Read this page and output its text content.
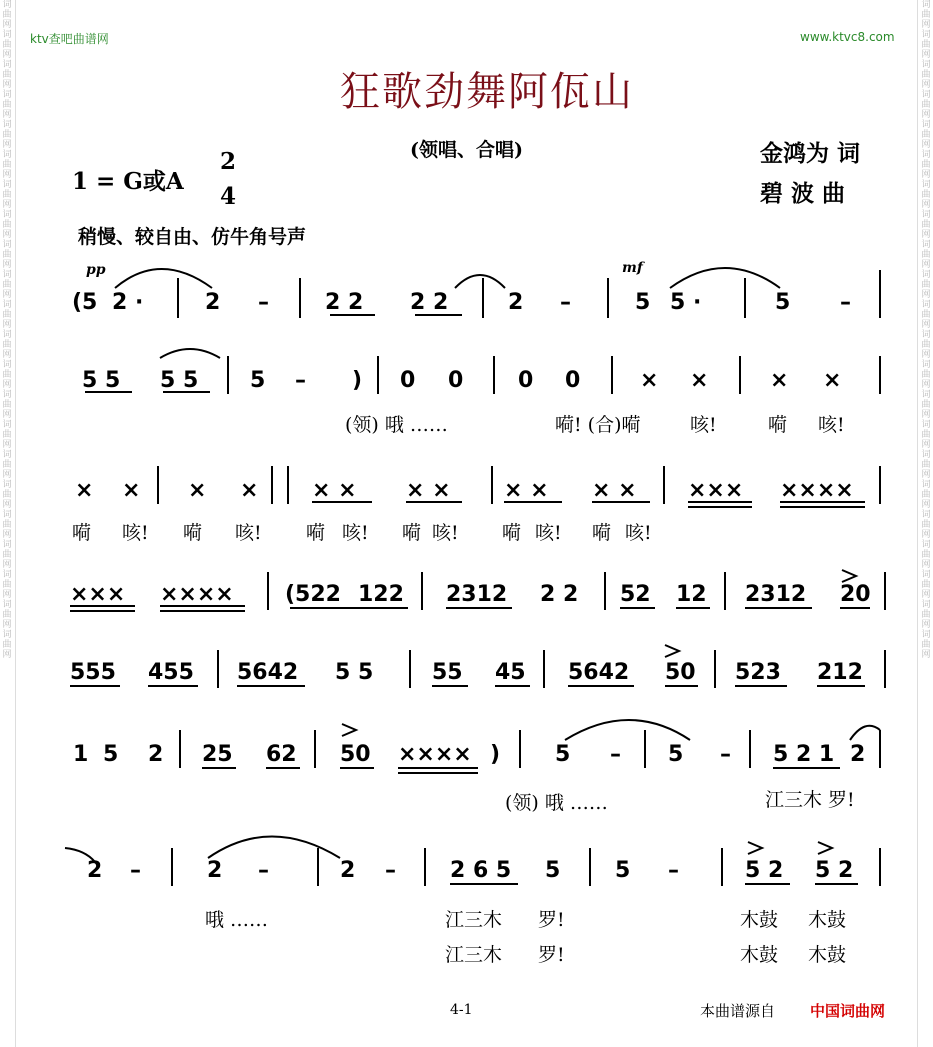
词曲网词曲网词曲网词曲网词曲网词曲网词曲网词曲网词曲网词曲网词曲网词曲网词曲网词曲网词曲网词曲网词曲网词曲网词曲网词曲网词曲网词曲网
词曲网词曲网词曲网词曲网词曲网词曲网词曲网词曲网词曲网词曲网词曲网词曲网词曲网词曲网词曲网词曲网词曲网词曲网词曲网词曲网词曲网词曲网
ktv查吧曲谱网	www.ktvc8.com
狂歌劲舞阿佤山
(领唱、合唱)	金鸿为 词
碧 波 曲
1 = G或A
2
4
稍慢、较自由、仿牛角号声
pp	mf
(5 2 ·	2 –	2 2 2 2	2 –	5 5 ·	5 –
5 5 5 5 5 – ) 0 0 0 0	× ×	× ×
(领) 哦 ……	嗬! (合)嗬	咳!	嗬 咳!
× × × × × × × × × × × × ××× ××××
嗬 咳! 嗬 咳! 嗬 咳! 嗬 咳! 嗬 咳! 嗬 咳!
××× ×××× (522 122 2312 2 2 52 12 2312 20
555 455 5642 5 5	55 45 5642 50 523 212
1 5 2 25 62 50 ×××× ) 5 – 5 – 5 2 1 2
(领) 哦 ……	江三木 罗!
2 –	2 –	2 – 2 6 5 5 5 –	5 2 5 2
哦 ……	江三木 罗!	木鼓 木鼓
江三木 罗!	木鼓 木鼓
4-1	本曲谱源自 中国词曲网
